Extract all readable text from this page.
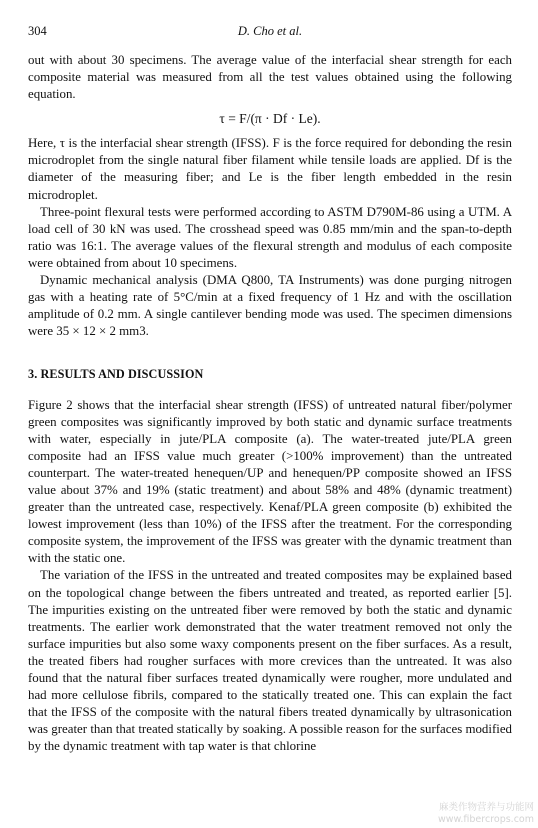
304	D. Cho et al.

out with about 30 specimens. The average value of the interfacial shear strength for each composite material was measured from all the test values obtained using the following equation.

τ = F/(π · Df · Le).

Here, τ is the interfacial shear strength (IFSS). F is the force required for debonding the resin microdroplet from the single natural fiber filament while tensile loads are applied. Df is the diameter of the measuring fiber; and Le is the fiber length embedded in the resin microdroplet.

Three-point flexural tests were performed according to ASTM D790M-86 using a UTM. A load cell of 30 kN was used. The crosshead speed was 0.85 mm/min and the span-to-depth ratio was 16:1. The average values of the flexural strength and modulus of each composite were obtained from about 10 specimens.

Dynamic mechanical analysis (DMA Q800, TA Instruments) was done purging nitrogen gas with a heating rate of 5°C/min at a fixed frequency of 1 Hz and with the oscillation amplitude of 0.2 mm. A single cantilever bending mode was used. The specimen dimensions were 35 × 12 × 2 mm3.

3. RESULTS AND DISCUSSION

Figure 2 shows that the interfacial shear strength (IFSS) of untreated natural fiber/polymer green composites was significantly improved by both static and dynamic surface treatments with water, especially in jute/PLA composite (a). The water-treated jute/PLA green composite had an IFSS value much greater (>100% improvement) than the untreated counterpart. The water-treated henequen/UP and henequen/PP composite showed an IFSS value about 37% and 19% (static treatment) and about 58% and 48% (dynamic treatment) greater than the untreated case, respectively. Kenaf/PLA green composite (b) exhibited the lowest improvement (less than 10%) of the IFSS after the treatment. For the corresponding composite system, the improvement of the IFSS was greater with the dynamic treatment than with the static one.

The variation of the IFSS in the untreated and treated composites may be explained based on the topological change between the fibers untreated and treated, as reported earlier [5]. The impurities existing on the untreated fiber were removed by both the static and dynamic treatments. The earlier work demonstrated that the water treatment removed not only the surface impurities but also some waxy components present on the fiber surfaces. As a result, the treated fibers had rougher surfaces with more crevices than the untreated. It was also found that the natural fiber surfaces treated dynamically were rougher, more undulated and had more cellulose fibrils, compared to the statically treated one. This can explain the fact that the IFSS of the composite with the natural fibers treated dynamically by ultrasonication was greater than that treated statically by soaking. A possible reason for the surfaces modified by the dynamic treatment with tap water is that chlorine

麻类作物营养与功能网
www.fibercrops.com
